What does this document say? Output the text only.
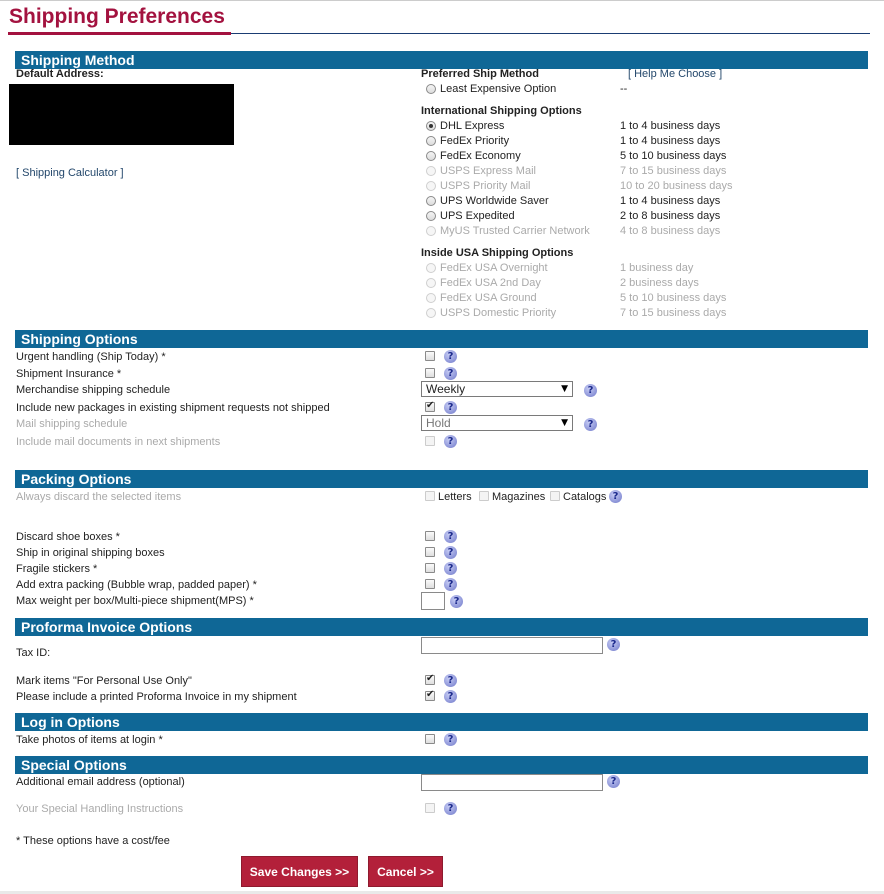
Shipping Preferences
Shipping Method
Default Address:
[ Shipping Calculator ]
Preferred Ship Method	[ Help Me Choose ]
Least Expensive Option	--
International Shipping Options
DHL Express	1 to 4 business days
FedEx Priority	1 to 4 business days
FedEx Economy	5 to 10 business days
USPS Express Mail	7 to 15 business days
USPS Priority Mail	10 to 20 business days
UPS Worldwide Saver	1 to 4 business days
UPS Expedited	2 to 8 business days
MyUS Trusted Carrier Network	4 to 8 business days
Inside USA Shipping Options
FedEx USA Overnight	1 business day
FedEx USA 2nd Day	2 business days
FedEx USA Ground	5 to 10 business days
USPS Domestic Priority	7 to 15 business days
Shipping Options
Urgent handling (Ship Today) *	?
Shipment Insurance *	?
Merchandise shipping schedule	Weekly	▼	?
Include new packages in existing shipment requests not shipped ✔	?
Mail shipping schedule	Hold	▼	?
Include mail documents in next shipments	?
Packing Options
Always discard the selected items	Letters Magazines Catalogs ?
Discard shoe boxes *	?
Ship in original shipping boxes	?
Fragile stickers *	?
Add extra packing (Bubble wrap, padded paper) *	?
Max weight per box/Multi-piece shipment(MPS) *	?
Proforma Invoice Options
Tax ID:
?
Mark items "For Personal Use Only" ✔	?
Please include a printed Proforma Invoice in my shipment ✔	?
Log in Options
Take photos of items at login *	?
Special Options
Additional email address (optional)	?
Your Special Handling Instructions	?
* These options have a cost/fee
Save Changes >>	Cancel >>
